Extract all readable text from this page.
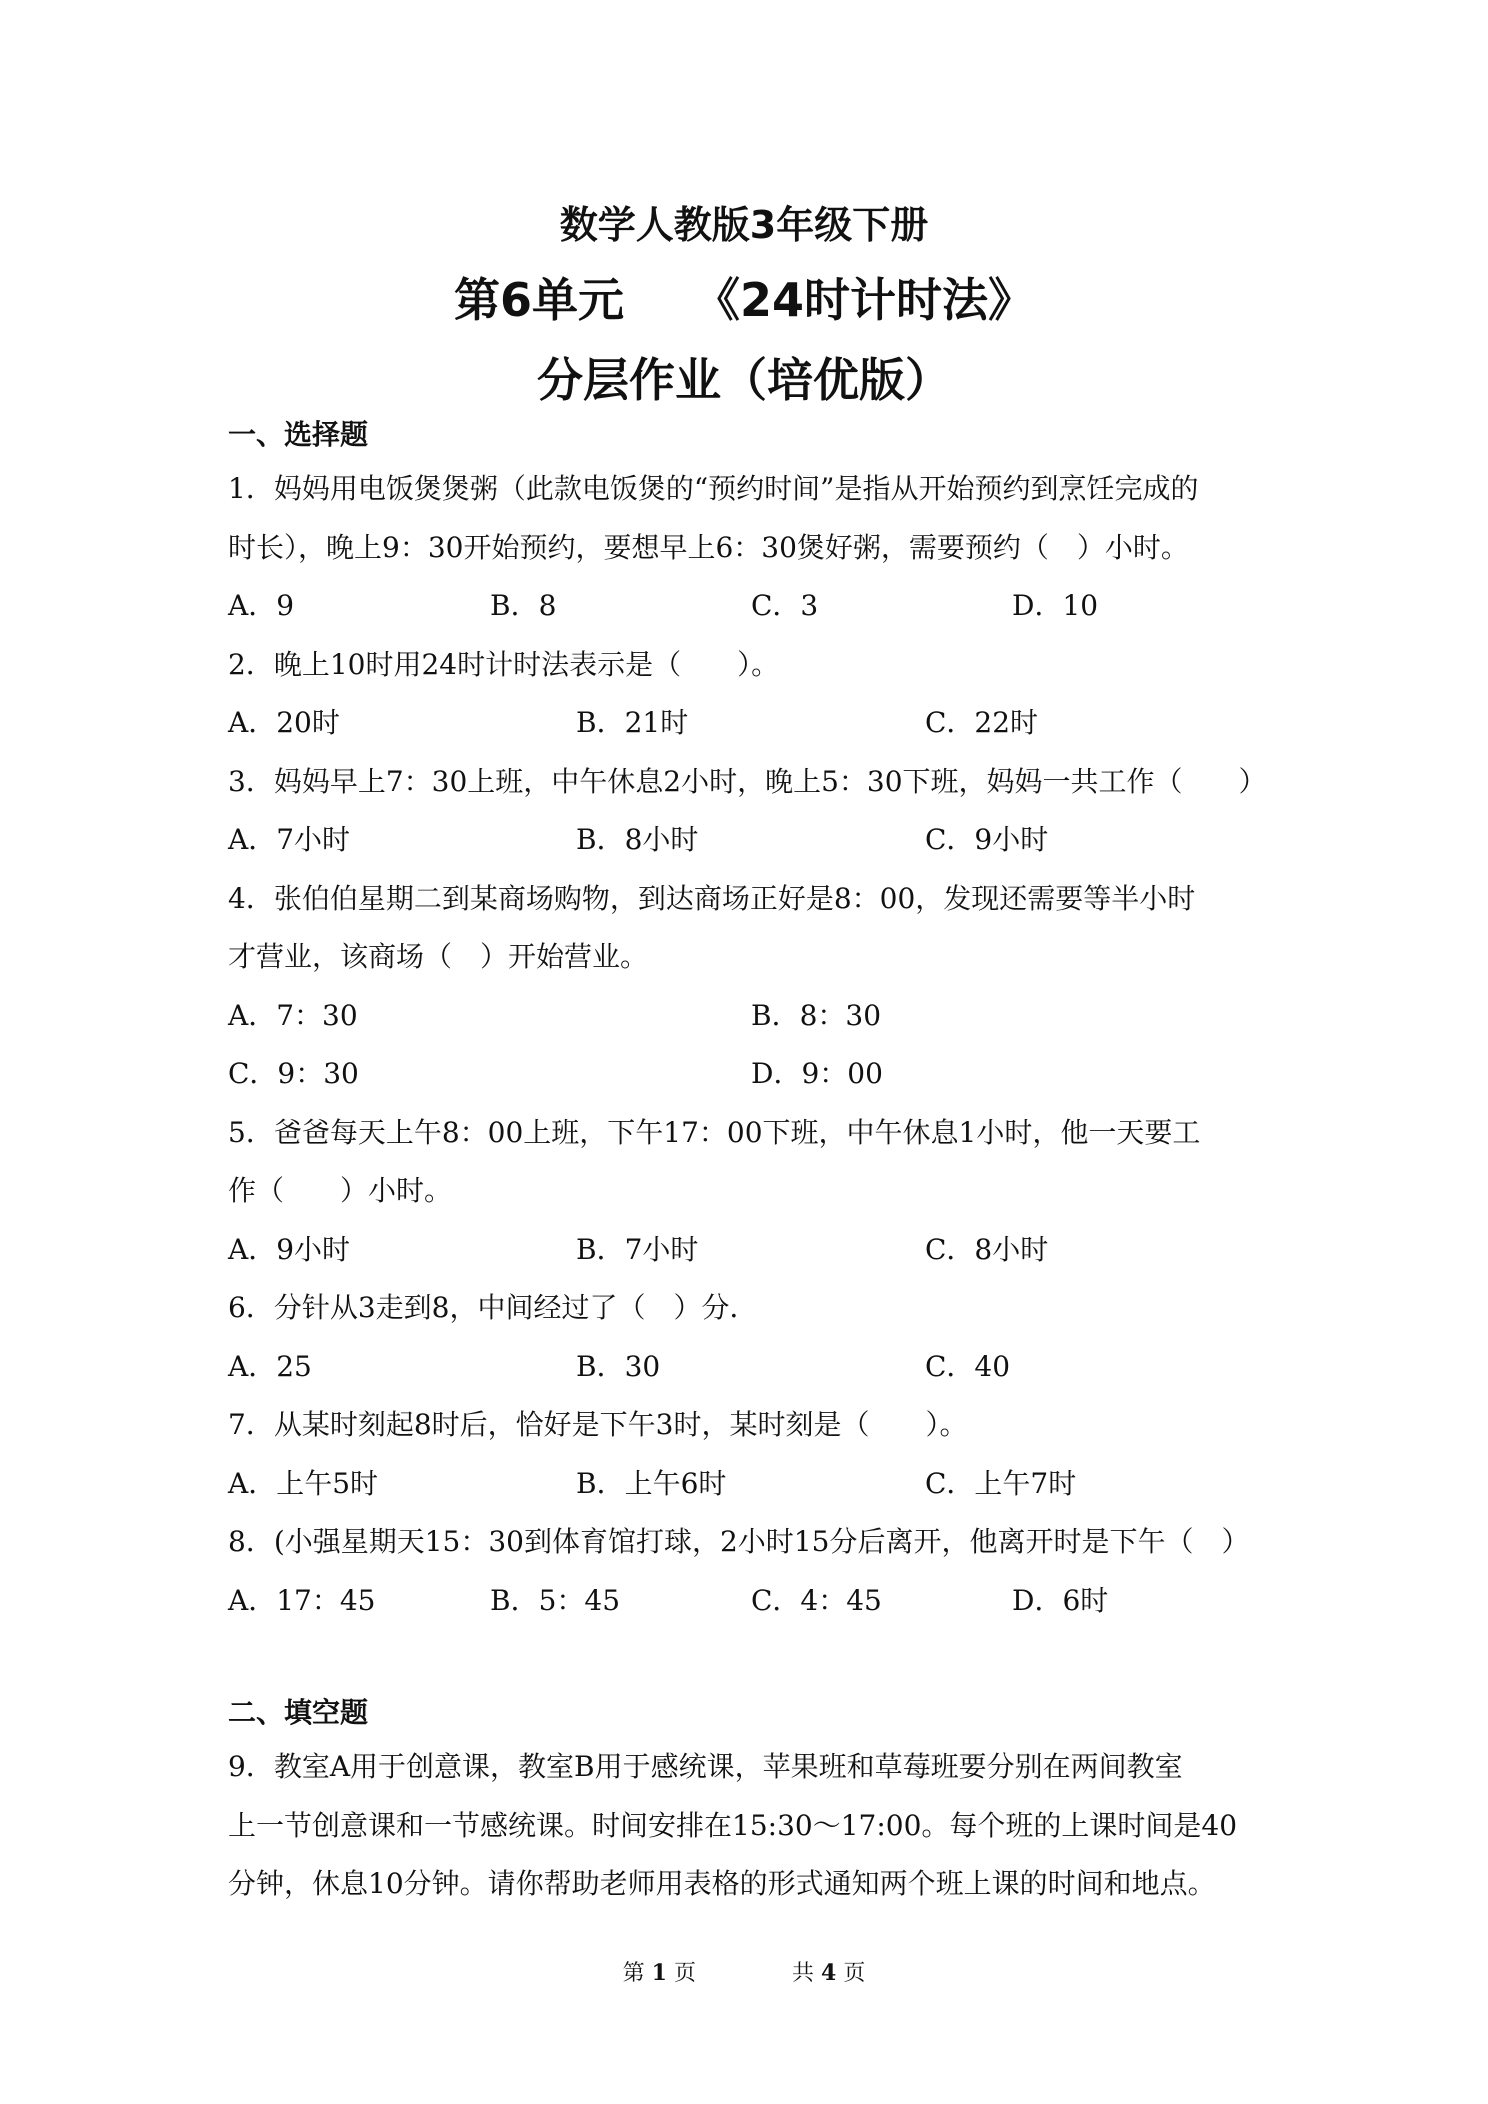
数学人教版3年级下册
第6单元 《24时计时法》
分层作业（培优版）
一、选择题
1．妈妈用电饭煲煲粥（此款电饭煲的“预约时间”是指从开始预约到烹饪完成的
时长），晚上9：30开始预约，要想早上6：30煲好粥，需要预约（　）小时。
A．9	B．8	C．3	D．10
2．晚上10时用24时计时法表示是（　　）。
A．20时	B．21时	C．22时
3．妈妈早上7：30上班，中午休息2小时，晚上5：30下班，妈妈一共工作（　　）
A．7小时	B．8小时	C．9小时
4．张伯伯星期二到某商场购物，到达商场正好是8：00，发现还需要等半小时
才营业，该商场（　）开始营业。
A．7：30	B．8：30
C．9：30	D．9：00
5．爸爸每天上午8：00上班，下午17：00下班，中午休息1小时，他一天要工
作（　　）小时。
A．9小时	B．7小时	C．8小时
6．分针从3走到8，中间经过了（　）分．
A．25	B．30	C．40
7．从某时刻起8时后，恰好是下午3时，某时刻是（　　）。
A．上午5时	B．上午6时	C．上午7时
8．(小强星期天15：30到体育馆打球，2小时15分后离开，他离开时是下午（　）
A．17：45	B．5：45	C．4：45	D．6时
二、填空题
9．教室A用于创意课，教室B用于感统课，苹果班和草莓班要分别在两间教室
上一节创意课和一节感统课。时间安排在15:30～17:00。每个班的上课时间是40
分钟，休息10分钟。请你帮助老师用表格的形式通知两个班上课的时间和地点。
第 1 页	共 4 页
